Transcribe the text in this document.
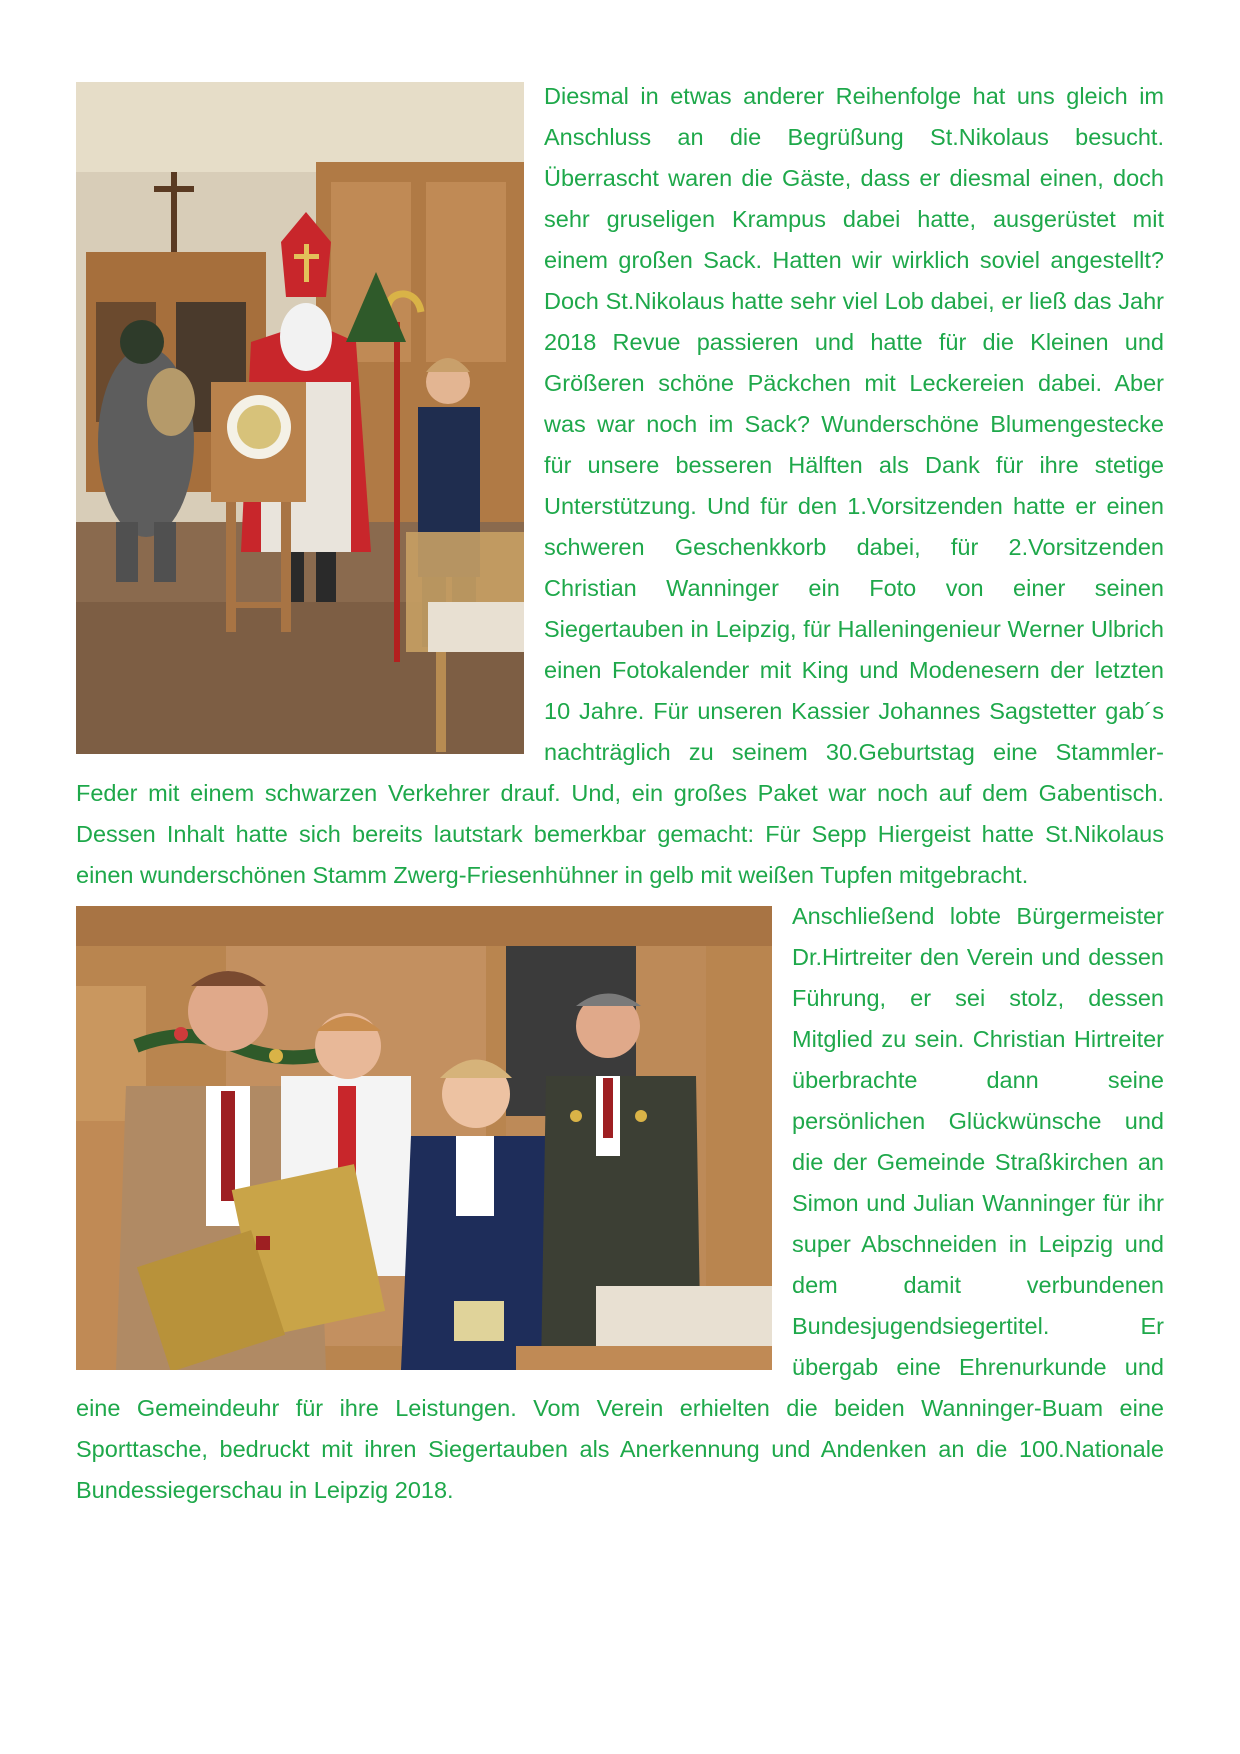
Diesmal in etwas anderer Reihenfolge hat uns gleich im Anschluss an die Begrüßung St.Nikolaus besucht. Überrascht waren die Gäste, dass er diesmal einen, doch sehr gruseligen Krampus dabei hatte, ausgerüstet mit einem großen Sack. Hatten wir wirklich soviel angestellt? Doch St.Nikolaus hatte sehr viel Lob dabei, er ließ das Jahr 2018 Revue passieren und hatte für die Kleinen und Größeren schöne Päckchen mit Leckereien dabei. Aber was war noch im Sack? Wunderschöne Blumengestecke für unsere besseren Hälften als Dank für ihre stetige Unterstützung. Und für den 1.Vorsitzenden hatte er einen schweren Geschenkkorb dabei, für 2.Vorsitzenden Christian Wanninger ein Foto von einer seinen Siegertauben in Leipzig, für Halleningenieur Werner Ulbrich einen Fotokalender mit King und Modenesern der letzten 10 Jahre. Für unseren Kassier Johannes Sagstetter gab´s nachträglich zu seinem 30.Geburtstag eine Stammler-Feder mit einem schwarzen Verkehrer drauf. Und, ein großes Paket war noch auf dem Gabentisch. Dessen Inhalt hatte sich bereits lautstark bemerkbar gemacht: Für Sepp Hiergeist hatte St.Nikolaus einen wunderschönen Stamm Zwerg-Friesenhühner in gelb mit weißen Tupfen mitgebracht.

Anschließend lobte Bürgermeister Dr.Hirtreiter den Verein und dessen Führung, er sei stolz, dessen Mitglied zu sein. Christian Hirtreiter überbrachte dann seine persönlichen Glückwünsche und die der Gemeinde Straßkirchen an Simon und Julian Wanninger für ihr super Abschneiden in Leipzig und dem damit verbundenen Bundesjugendsiegertitel. Er übergab eine Ehrenurkunde und eine Gemeindeuhr für ihre Leistungen. Vom Verein erhielten die beiden Wanninger-Buam eine Sporttasche, bedruckt mit ihren Siegertauben als Anerkennung und Andenken an die 100.Nationale Bundessiegerschau in Leipzig 2018.
